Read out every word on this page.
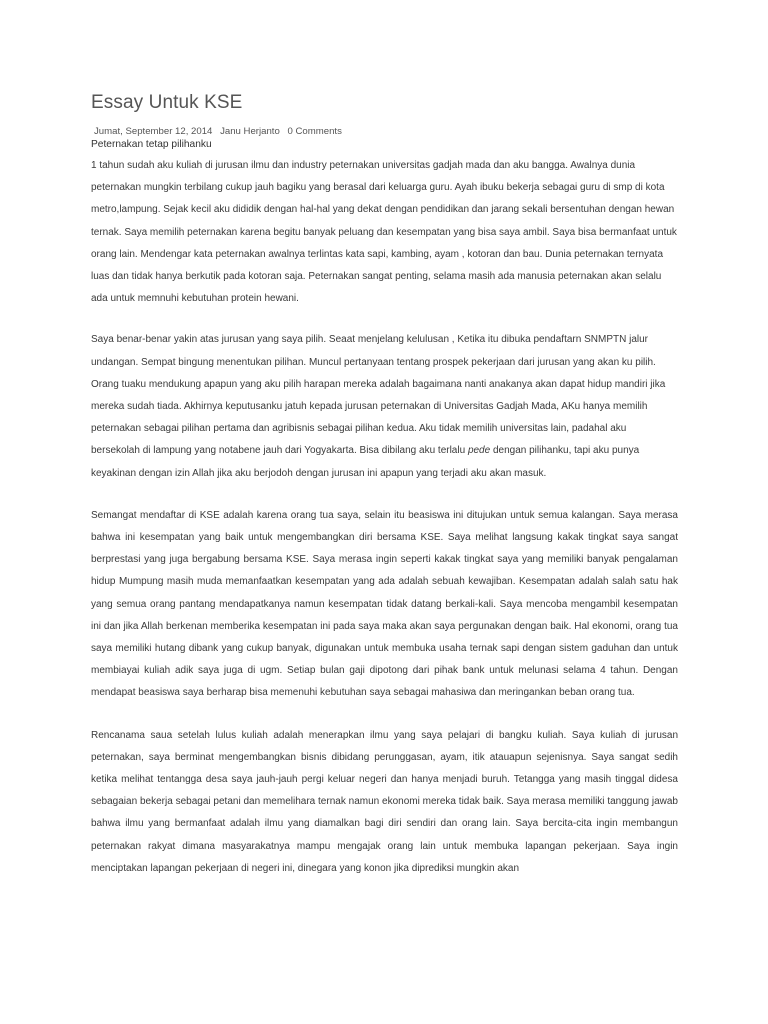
Essay Untuk KSE
Jumat, September 12, 2014 Janu Herjanto 0 Comments
Peternakan tetap pilihanku

1 tahun sudah aku kuliah di jurusan ilmu dan industry peternakan universitas gadjah mada dan aku bangga. Awalnya dunia peternakan mungkin terbilang cukup jauh bagiku yang berasal dari keluarga guru. Ayah ibuku bekerja sebagai guru di smp di kota metro,lampung. Sejak kecil aku dididik dengan hal-hal yang dekat dengan pendidikan dan jarang sekali bersentuhan dengan hewan ternak. Saya memilih peternakan karena begitu banyak peluang dan kesempatan yang bisa saya ambil. Saya bisa bermanfaat untuk orang lain. Mendengar kata peternakan awalnya terlintas kata sapi, kambing, ayam , kotoran dan bau. Dunia peternakan ternyata luas dan tidak hanya berkutik pada kotoran saja. Peternakan sangat penting, selama masih ada manusia peternakan akan selalu ada untuk memnuhi kebutuhan protein hewani.

Saya benar-benar yakin atas jurusan yang saya pilih. Seaat menjelang kelulusan , Ketika itu dibuka pendaftarn SNMPTN jalur undangan. Sempat bingung menentukan pilihan. Muncul pertanyaan tentang prospek pekerjaan dari jurusan yang akan ku pilih. Orang tuaku mendukung apapun yang aku pilih harapan mereka adalah bagaimana nanti anakanya akan dapat hidup mandiri jika mereka sudah tiada. Akhirnya keputusanku jatuh kepada jurusan peternakan di Universitas Gadjah Mada, AKu hanya memilih peternakan sebagai pilihan pertama dan agribisnis sebagai pilihan kedua. Aku tidak memilih universitas lain, padahal aku bersekolah di lampung yang notabene jauh dari Yogyakarta. Bisa dibilang aku terlalu pede dengan pilihanku, tapi aku punya keyakinan dengan izin Allah jika aku berjodoh dengan jurusan ini apapun yang terjadi aku akan masuk.

Semangat mendaftar di KSE adalah karena orang tua saya, selain itu beasiswa ini ditujukan untuk semua kalangan. Saya merasa bahwa ini kesempatan yang baik untuk mengembangkan diri bersama KSE. Saya melihat langsung kakak tingkat saya sangat berprestasi yang juga bergabung bersama KSE. Saya merasa ingin seperti kakak tingkat saya yang memiliki banyak pengalaman hidup Mumpung masih muda memanfaatkan kesempatan yang ada adalah sebuah kewajiban. Kesempatan adalah salah satu hak yang semua orang pantang mendapatkanya namun kesempatan tidak datang berkali-kali. Saya mencoba mengambil kesempatan ini dan jika Allah berkenan memberika kesempatan ini pada saya maka akan saya pergunakan dengan baik. Hal ekonomi, orang tua saya memiliki hutang dibank yang cukup banyak, digunakan untuk membuka usaha ternak sapi dengan sistem gaduhan dan untuk membiayai kuliah adik saya juga di ugm. Setiap bulan gaji dipotong dari pihak bank untuk melunasi selama 4 tahun. Dengan mendapat beasiswa saya berharap bisa memenuhi kebutuhan saya sebagai mahasiwa dan meringankan beban orang tua.

Rencanama saua setelah lulus kuliah adalah menerapkan ilmu yang saya pelajari di bangku kuliah. Saya kuliah di jurusan peternakan, saya berminat mengembangkan bisnis dibidang perunggasan, ayam, itik atauapun sejenisnya. Saya sangat sedih ketika melihat tentangga desa saya jauh-jauh pergi keluar negeri dan hanya menjadi buruh. Tetangga yang masih tinggal didesa sebagaian bekerja sebagai petani dan memelihara ternak namun ekonomi mereka tidak baik. Saya merasa memiliki tanggung jawab bahwa ilmu yang bermanfaat adalah ilmu yang diamalkan bagi diri sendiri dan orang lain. Saya bercita-cita ingin membangun peternakan rakyat dimana masyarakatnya mampu mengajak orang lain untuk membuka lapangan pekerjaan. Saya ingin menciptakan lapangan pekerjaan di negeri ini, dinegara yang konon jika diprediksi mungkin akan
